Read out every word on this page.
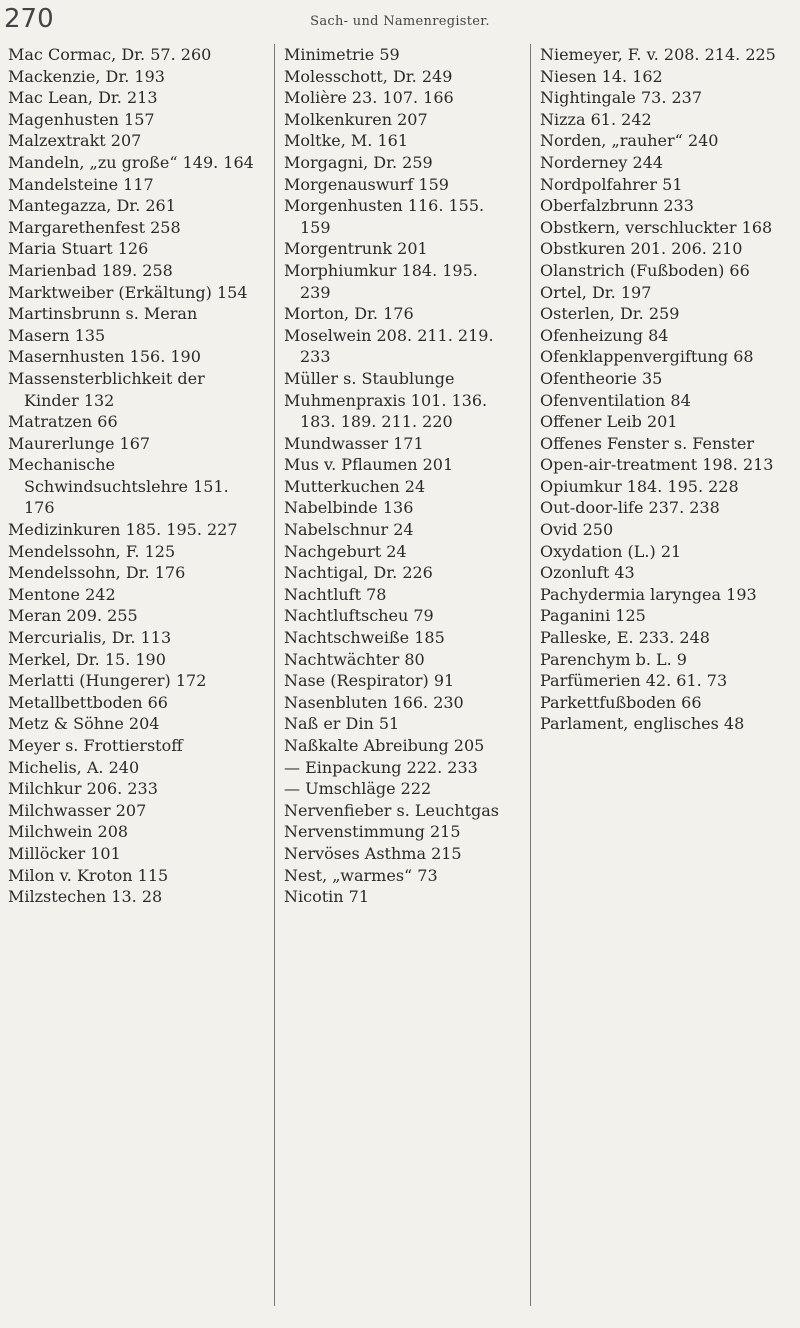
270	Sach- und Namenregister.

Mac Cormac, Dr. 57. 260

Mackenzie, Dr. 193

Mac Lean, Dr. 213

Magenhusten 157

Malzextrakt 207

Mandeln, „zu große“ 149. 164

Mandelsteine 117

Mantegazza, Dr. 261

Margarethenfest 258

Maria Stuart 126

Marienbad 189. 258

Marktweiber (Erkältung) 154

Martinsbrunn s. Meran

Masern 135

Masernhusten 156. 190

Massensterblichkeit der Kinder 132

Matratzen 66

Maurerlunge 167

Mechanische Schwindsuchtslehre 151. 176

Medizinkuren 185. 195. 227

Mendelssohn, F. 125

Mendelssohn, Dr. 176

Mentone 242

Meran 209. 255

Mercurialis, Dr. 113

Merkel, Dr. 15. 190

Merlatti (Hungerer) 172

Metallbettboden 66

Metz & Söhne 204

Meyer s. Frottierstoff

Michelis, A. 240

Milchkur 206. 233

Milchwasser 207

Milchwein 208

Millöcker 101

Milon v. Kroton 115

Milzstechen 13. 28

Minimetrie 59

Molesschott, Dr. 249

Molière 23. 107. 166

Molkenkuren 207

Moltke, M. 161

Morgagni, Dr. 259

Morgenauswurf 159

Morgenhusten 116. 155. 159

Morgentrunk 201

Morphiumkur 184. 195. 239

Morton, Dr. 176

Moselwein 208. 211. 219. 233

Müller s. Staublunge

Muhmenpraxis 101. 136. 183. 189. 211. 220

Mundwasser 171

Mus v. Pflaumen 201

Mutterkuchen 24

Nabelbinde 136

Nabelschnur 24

Nachgeburt 24

Nachtigal, Dr. 226

Nachtluft 78

Nachtluftscheu 79

Nachtschweiße 185

Nachtwächter 80

Nase (Respirator) 91

Nasenbluten 166. 230

Naß er Din 51

Naßkalte Abreibung 205

— Einpackung 222. 233

— Umschläge 222

Nervenfieber s. Leuchtgas

Nervenstimmung 215

Nervöses Asthma 215

Nest, „warmes“ 73

Nicotin 71

Niemeyer, F. v. 208. 214. 225

Niesen 14. 162

Nightingale 73. 237

Nizza 61. 242

Norden, „rauher“ 240

Norderney 244

Nordpolfahrer 51

Oberfalzbrunn 233

Obstkern, verschluckter 168

Obstkuren 201. 206. 210

Olanstrich (Fußboden) 66

Ortel, Dr. 197

Osterlen, Dr. 259

Ofenheizung 84

Ofenklappenvergiftung 68

Ofentheorie 35

Ofenventilation 84

Offener Leib 201

Offenes Fenster s. Fenster

Open-air-treatment 198. 213

Opiumkur 184. 195. 228

Out-door-life 237. 238

Ovid 250

Oxydation (L.) 21

Ozonluft 43

Pachydermia laryngea 193

Paganini 125

Palleske, E. 233. 248

Parenchym b. L. 9

Parfümerien 42. 61. 73

Parkettfußboden 66

Parlament, englisches 48
